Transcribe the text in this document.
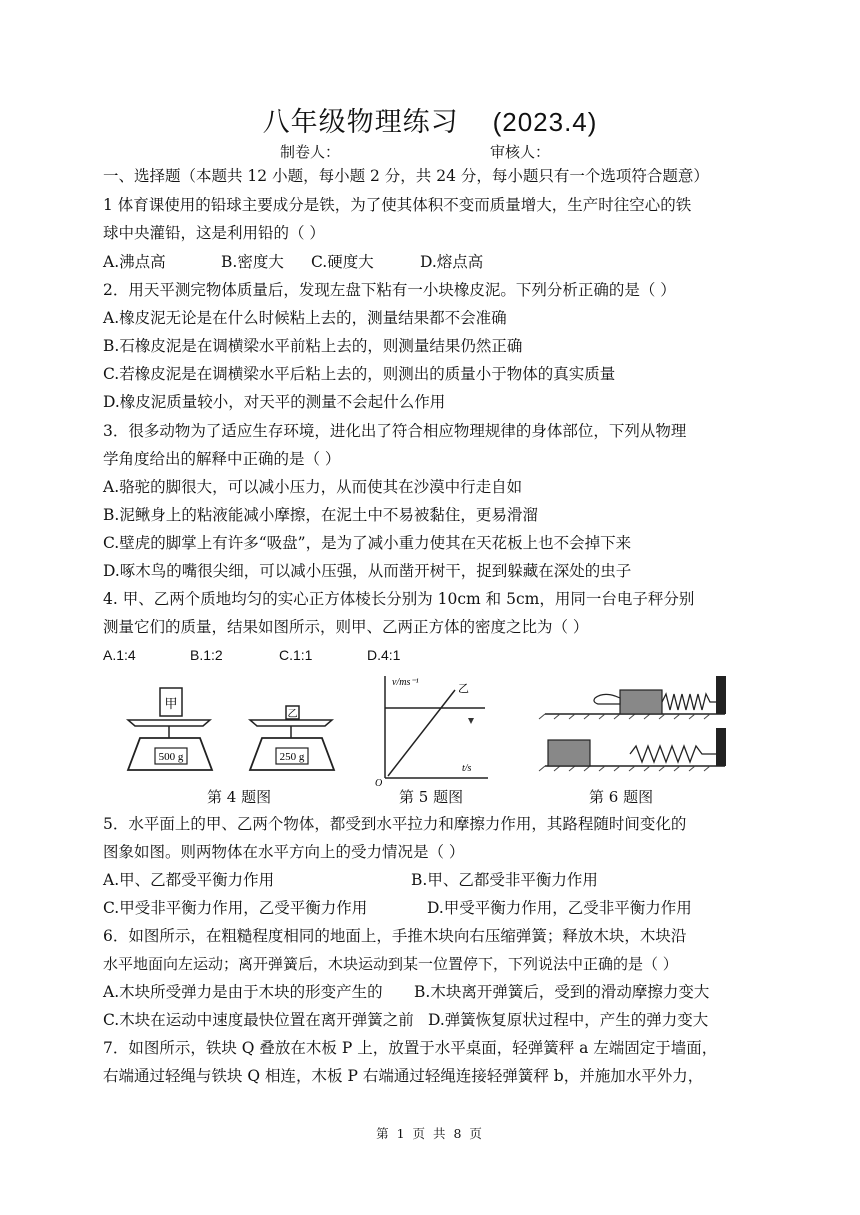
八年级物理练习 (2023.4)
制卷人：	审核人：
一、选择题（本题共 12 小题，每小题 2 分，共 24 分，每小题只有一个选项符合题意）
1 体育课使用的铅球主要成分是铁，为了使其体积不变而质量增大，生产时往空心的铁
球中央灌铅，这是利用铅的（ ）
A.沸点高	B.密度大 C.硬度大	D.熔点高
2．用天平测完物体质量后，发现左盘下粘有一小块橡皮泥。下列分析正确的是（ ）
A.橡皮泥无论是在什么时候粘上去的，测量结果都不会准确
B.石橡皮泥是在调横梁水平前粘上去的，则测量结果仍然正确
C.若橡皮泥是在调横梁水平后粘上去的，则测出的质量小于物体的真实质量
D.橡皮泥质量较小，对天平的测量不会起什么作用
3．很多动物为了适应生存环境，进化出了符合相应物理规律的身体部位，下列从物理
学角度给出的解释中正确的是（ ）
A.骆驼的脚很大，可以减小压力，从而使其在沙漠中行走自如
B.泥鳅身上的粘液能减小摩擦，在泥土中不易被黏住，更易滑溜
C.壁虎的脚掌上有许多“吸盘”，是为了减小重力使其在天花板上也不会掉下来
D.啄木鸟的嘴很尖细，可以减小压强，从而凿开树干，捉到躲藏在深处的虫子
4. 甲、乙两个质地均匀的实心正方体棱长分别为 10cm 和 5cm，用同一台电子秤分别
测量它们的质量，结果如图所示，则甲、乙两正方体的密度之比为（ ）
A.1:4	B.1:2	C.1:1	D.4:1
甲
500 g
乙
250 g
v/ms⁻¹
t/s
O
乙
第 4 题图	第 5 题图	第 6 题图
5．水平面上的甲、乙两个物体，都受到水平拉力和摩擦力作用，其路程随时间变化的
图象如图。则两物体在水平方向上的受力情况是（ ）
A.甲、乙都受平衡力作用	B.甲、乙都受非平衡力作用
C.甲受非平衡力作用，乙受平衡力作用	D.甲受平衡力作用，乙受非平衡力作用
6．如图所示，在粗糙程度相同的地面上，手推木块向右压缩弹簧；释放木块，木块沿
水平地面向左运动；离开弹簧后，木块运动到某一位置停下，下列说法中正确的是（ ）
A.木块所受弹力是由于木块的形变产生的 B.木块离开弹簧后，受到的滑动摩擦力变大
C.木块在运动中速度最快位置在离开弹簧之前 D.弹簧恢复原状过程中，产生的弹力变大
7．如图所示，铁块 Q 叠放在木板 P 上，放置于水平桌面，轻弹簧秤 a 左端固定于墙面，
右端通过轻绳与铁块 Q 相连，木板 P 右端通过轻绳连接轻弹簧秤 b，并施加水平外力，
第 1 页 共 8 页
